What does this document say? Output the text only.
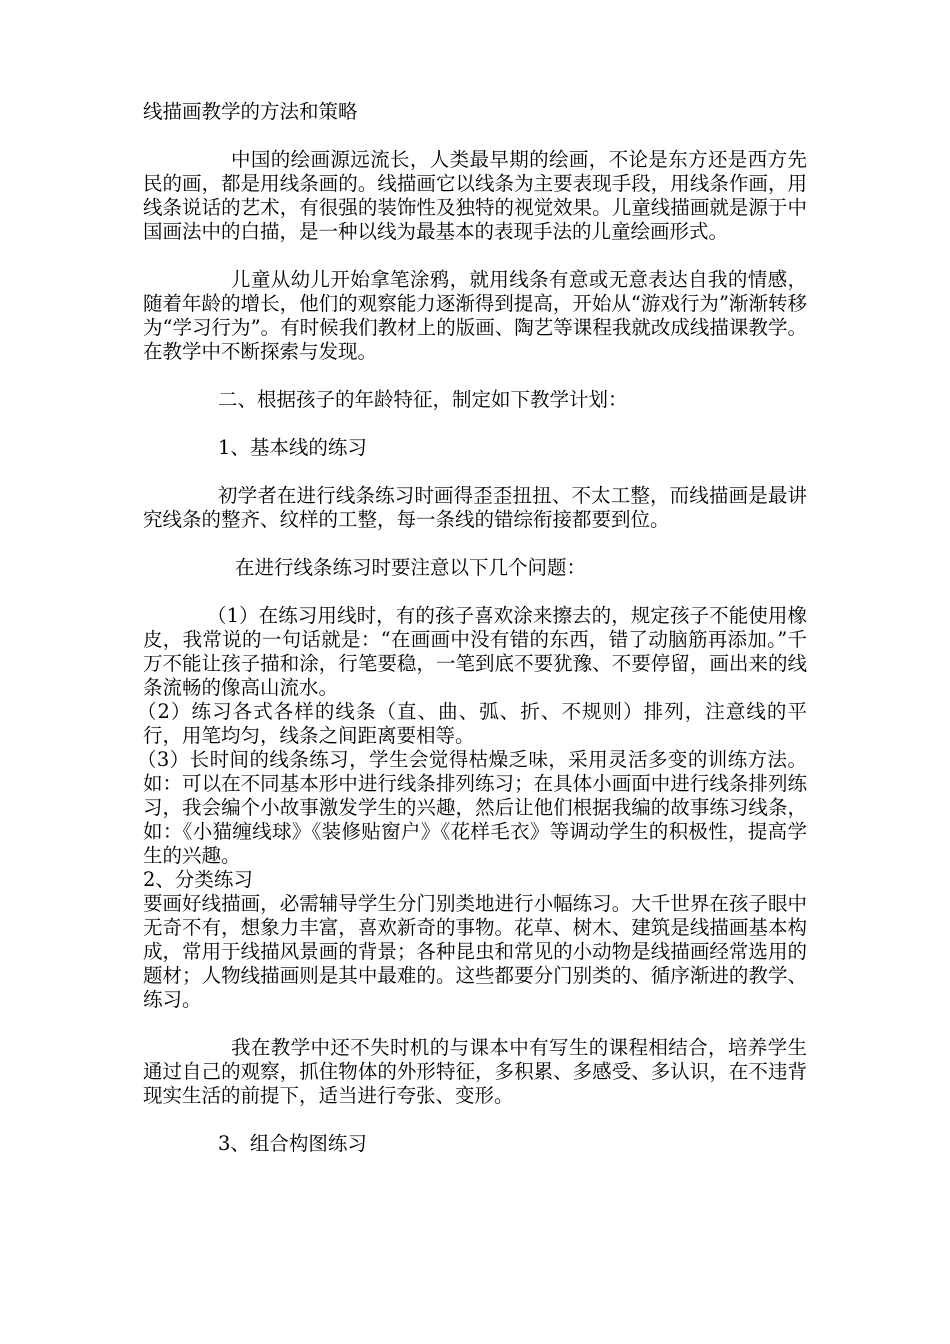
线描画教学的方法和策略

中国的绘画源远流长，人类最早期的绘画，不论是东方还是西方先民的画，都是用线条画的。线描画它以线条为主要表现手段，用线条作画，用线条说话的艺术，有很强的装饰性及独特的视觉效果。儿童线描画就是源于中国画法中的白描，是一种以线为最基本的表现手法的儿童绘画形式。

儿童从幼儿开始拿笔涂鸦，就用线条有意或无意表达自我的情感，随着年龄的增长，他们的观察能力逐渐得到提高，开始从“游戏行为”渐渐转移为“学习行为”。有时候我们教材上的版画、陶艺等课程我就改成线描课教学。在教学中不断探索与发现。

二、根据孩子的年龄特征，制定如下教学计划：

1、基本线的练习

初学者在进行线条练习时画得歪歪扭扭、不太工整，而线描画是最讲究线条的整齐、纹样的工整，每一条线的错综衔接都要到位。

在进行线条练习时要注意以下几个问题：

（1）在练习用线时，有的孩子喜欢涂来擦去的，规定孩子不能使用橡皮，我常说的一句话就是：“在画画中没有错的东西，错了动脑筋再添加。”千万不能让孩子描和涂，行笔要稳，一笔到底不要犹豫、不要停留，画出来的线条流畅的像高山流水。

（2）练习各式各样的线条（直、曲、弧、折、不规则）排列，注意线的平行，用笔均匀，线条之间距离要相等。

（3）长时间的线条练习，学生会觉得枯燥乏味，采用灵活多变的训练方法。如：可以在不同基本形中进行线条排列练习；在具体小画面中进行线条排列练习，我会编个小故事激发学生的兴趣，然后让他们根据我编的故事练习线条，如：《小猫缠线球》《装修贴窗户》《花样毛衣》等调动学生的积极性，提高学生的兴趣。

2、分类练习

要画好线描画，必需辅导学生分门别类地进行小幅练习。大千世界在孩子眼中无奇不有，想象力丰富，喜欢新奇的事物。花草、树木、建筑是线描画基本构成，常用于线描风景画的背景；各种昆虫和常见的小动物是线描画经常选用的题材；人物线描画则是其中最难的。这些都要分门别类的、循序渐进的教学、练习。

我在教学中还不失时机的与课本中有写生的课程相结合，培养学生通过自己的观察，抓住物体的外形特征，多积累、多感受、多认识，在不违背现实生活的前提下，适当进行夸张、变形。

3、组合构图练习
